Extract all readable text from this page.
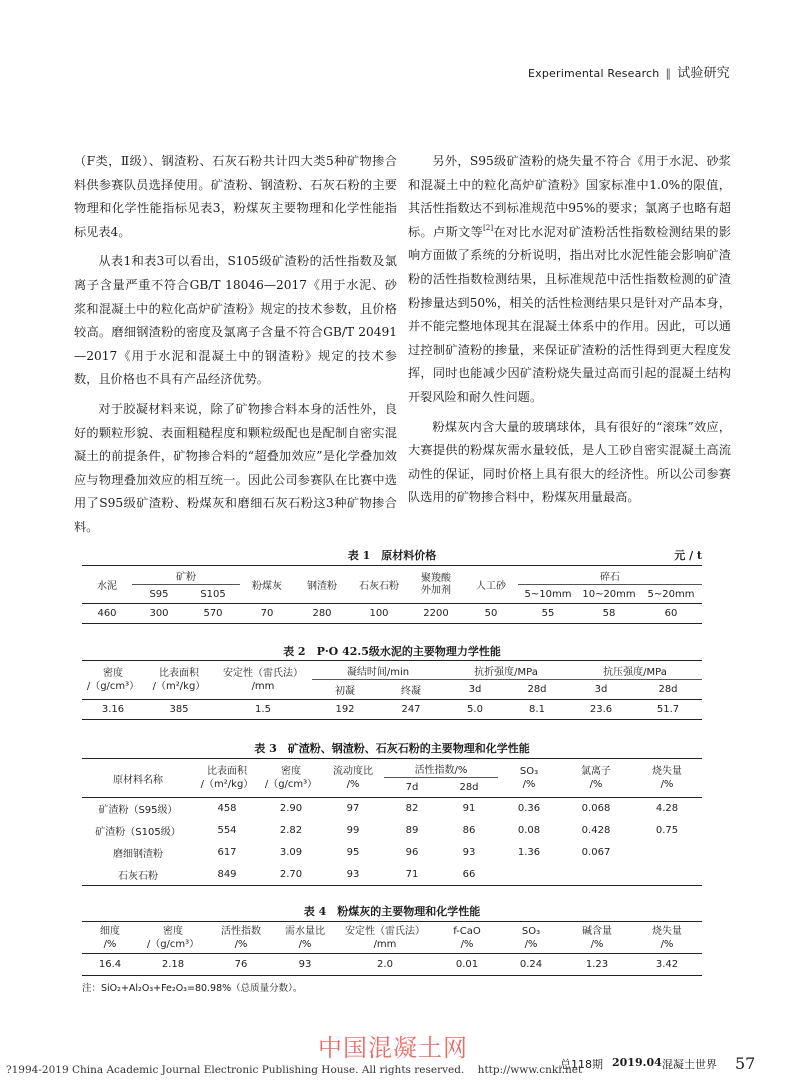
Experimental Research ‖ 试验研究

（F类，Ⅱ级）、钢渣粉、石灰石粉共计四大类5种矿物掺合料供参赛队员选择使用。矿渣粉、钢渣粉、石灰石粉的主要物理和化学性能指标见表3，粉煤灰主要物理和化学性能指标见表4。

从表1和表3可以看出，S105级矿渣粉的活性指数及氯离子含量严重不符合GB/T 18046—2017《用于水泥、砂浆和混凝土中的粒化高炉矿渣粉》规定的技术参数，且价格较高。磨细钢渣粉的密度及氯离子含量不符合GB/T 20491—2017《用于水泥和混凝土中的钢渣粉》规定的技术参数，且价格也不具有产品经济优势。

对于胶凝材料来说，除了矿物掺合料本身的活性外，良好的颗粒形貌、表面粗糙程度和颗粒级配也是配制自密实混凝土的前提条件，矿物掺合料的“超叠加效应”是化学叠加效应与物理叠加效应的相互统一。因此公司参赛队在比赛中选用了S95级矿渣粉、粉煤灰和磨细石灰石粉这3种矿物掺合料。

另外，S95级矿渣粉的烧失量不符合《用于水泥、砂浆和混凝土中的粒化高炉矿渣粉》国家标准中1.0%的限值，其活性指数达不到标准规范中95%的要求；氯离子也略有超标。卢斯文等[2]在对比水泥对矿渣粉活性指数检测结果的影响方面做了系统的分析说明，指出对比水泥性能会影响矿渣粉的活性指数检测结果，且标准规范中活性指数检测的矿渣粉掺量达到50%，相关的活性检测结果只是针对产品本身，并不能完整地体现其在混凝土体系中的作用。因此，可以通过控制矿渣粉的掺量，来保证矿渣粉的活性得到更大程度发挥，同时也能减少因矿渣粉烧失量过高而引起的混凝土结构开裂风险和耐久性问题。

粉煤灰内含大量的玻璃球体，具有很好的“滚珠”效应，大赛提供的粉煤灰需水量较低，是人工砂自密实混凝土高流动性的保证，同时价格上具有很大的经济性。所以公司参赛队选用的矿物掺合料中，粉煤灰用量最高。

表 1　原材料价格	元 / t
水泥	矿粉		粉煤灰	钢渣粉	石灰石粉	聚羧酸
外加剂	人工砂	碎石		
	S95	S105						5~10mm	10~20mm	5~20mm
460	300	570	70	280	100	2200	50	55	58	60
表 2　P·O 42.5级水泥的主要物理力学性能
密度
/（g/cm³）	比表面积
/（m²/kg）	安定性（雷氏法）
/mm	凝结时间/min		抗折强度/MPa		抗压强度/MPa	
			初凝	终凝	3d	28d	3d	28d
3.16	385	1.5	192	247	5.0	8.1	23.6	51.7
表 3　矿渣粉、钢渣粉、石灰石粉的主要物理和化学性能
原材料名称	比表面积
/（m²/kg）	密度
/（g/cm³）	流动度比
/%	活性指数/%		SO₃
/%	氯离子
/%	烧失量
/%
				7d	28d			
矿渣粉（S95级）	458	2.90	97	82	91	0.36	0.068	4.28
矿渣粉（S105级）	554	2.82	99	89	86	0.08	0.428	0.75
磨细钢渣粉	617	3.09	95	96	93	1.36	0.067	
石灰石粉	849	2.70	93	71	66			
表 4　粉煤灰的主要物理和化学性能
细度
/%	密度
/（g/cm³）	活性指数
/%	需水量比
/%	安定性（雷氏法）
/mm	f-CaO
/%	SO₃
/%	碱含量
/%	烧失量
/%
16.4	2.18	76	93	2.0	0.01	0.24	1.23	3.42
注：SiO₂+Al₂O₃+Fe₂O₃=80.98%（总质量分数）。
中国混凝土网
总118期 2019.04 混凝土世界 57
?1994-2019 China Academic Journal Electronic Publishing House. All rights reserved.    http://www.cnki.net
